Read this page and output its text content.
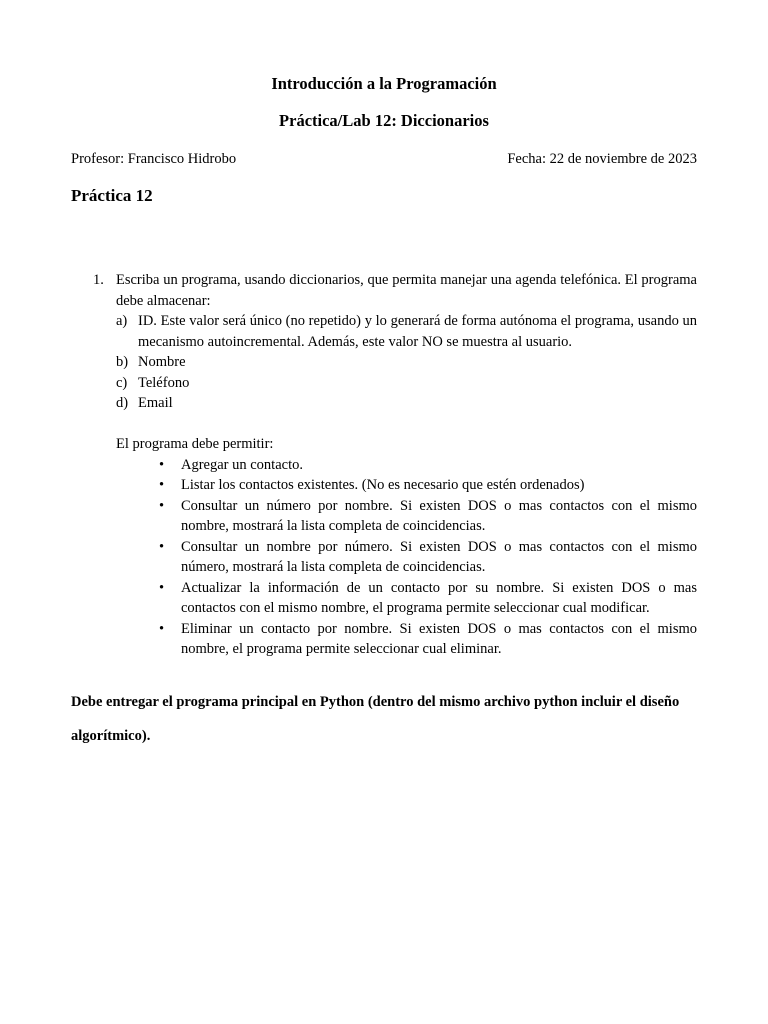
Introducción a la Programación
Práctica/Lab 12: Diccionarios
Profesor: Francisco Hidrobo	Fecha: 22 de noviembre de 2023
Práctica 12
1. Escriba un programa, usando diccionarios, que permita manejar una agenda telefónica. El programa debe almacenar:
a) ID. Este valor será único (no repetido) y lo generará de forma autónoma el programa, usando un mecanismo autoincremental. Además, este valor NO se muestra al usuario.
b) Nombre
c) Teléfono
d) Email
El programa debe permitir:
•	Agregar un contacto.
•	Listar los contactos existentes. (No es necesario que estén ordenados)
•	Consultar un número por nombre. Si existen DOS o mas contactos con el mismo nombre, mostrará la lista completa de coincidencias.
•	Consultar un nombre por número. Si existen DOS o mas contactos con el mismo número, mostrará la lista completa de coincidencias.
•	Actualizar la información de un contacto por su nombre. Si existen DOS o mas contactos con el mismo nombre, el programa permite seleccionar cual modificar.
•	Eliminar un contacto por nombre. Si existen DOS o mas contactos con el mismo nombre, el programa permite seleccionar cual eliminar.
Debe entregar el programa principal en Python (dentro del mismo archivo python incluir el diseño algorítmico).
